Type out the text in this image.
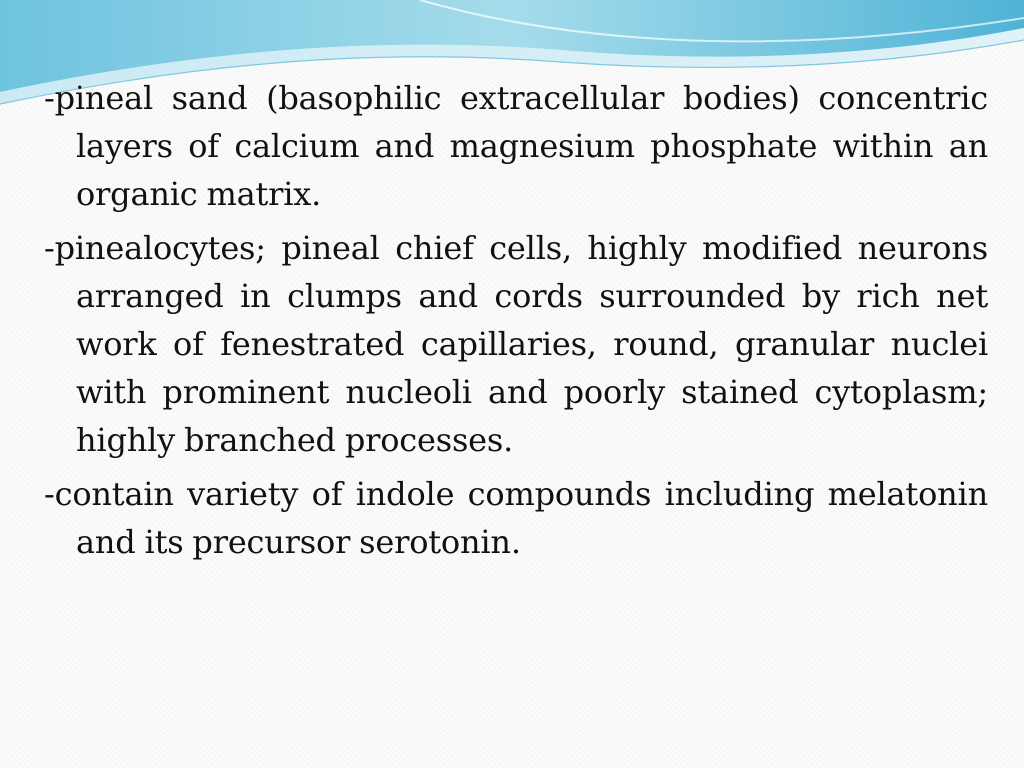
-pineal sand (basophilic extracellular bodies) concentric layers of calcium and magnesium phosphate within an organic matrix.

-pinealocytes; pineal chief cells, highly modified neurons arranged in clumps and cords surrounded by rich net work of fenestrated capillaries, round, granular nuclei with prominent nucleoli and poorly stained cytoplasm; highly branched processes.

-contain variety of indole compounds including melatonin and its precursor serotonin.
